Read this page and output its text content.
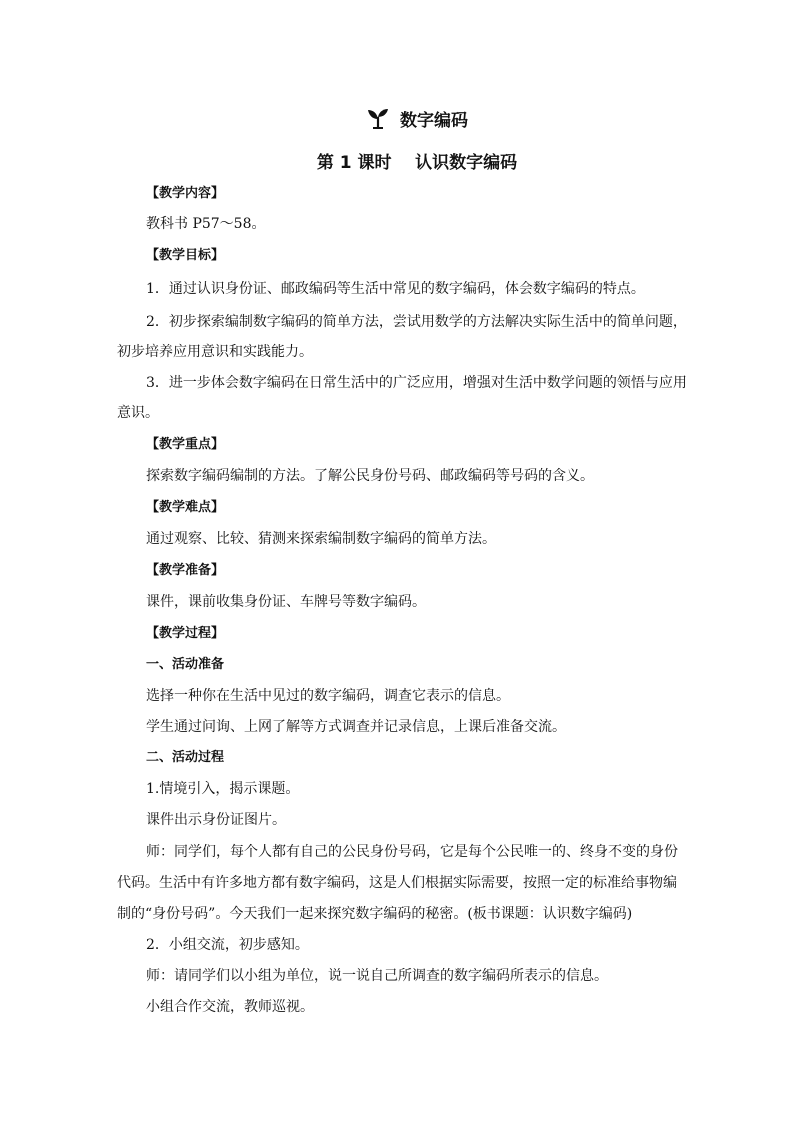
数字编码
第 1 课时    认识数字编码
【教学内容】
教科书 P57～58。
【教学目标】
1．通过认识身份证、邮政编码等生活中常见的数字编码，体会数字编码的特点。
2．初步探索编制数字编码的简单方法，尝试用数学的方法解决实际生活中的简单问题，
初步培养应用意识和实践能力。
3．进一步体会数字编码在日常生活中的广泛应用，增强对生活中数学问题的领悟与应用
意识。
【教学重点】
探索数字编码编制的方法。了解公民身份号码、邮政编码等号码的含义。
【教学难点】
通过观察、比较、猜测来探索编制数字编码的简单方法。
【教学准备】
课件，课前收集身份证、车牌号等数字编码。
【教学过程】
一、活动准备
选择一种你在生活中见过的数字编码，调查它表示的信息。
学生通过问询、上网了解等方式调查并记录信息，上课后准备交流。
二、活动过程
1.情境引入，揭示课题。
课件出示身份证图片。
师：同学们，每个人都有自己的公民身份号码，它是每个公民唯一的、终身不变的身份
代码。生活中有许多地方都有数字编码，这是人们根据实际需要，按照一定的标准给事物编
制的“身份号码”。今天我们一起来探究数字编码的秘密。(板书课题：认识数字编码)
2．小组交流，初步感知。
师：请同学们以小组为单位，说一说自己所调查的数字编码所表示的信息。
小组合作交流，教师巡视。
